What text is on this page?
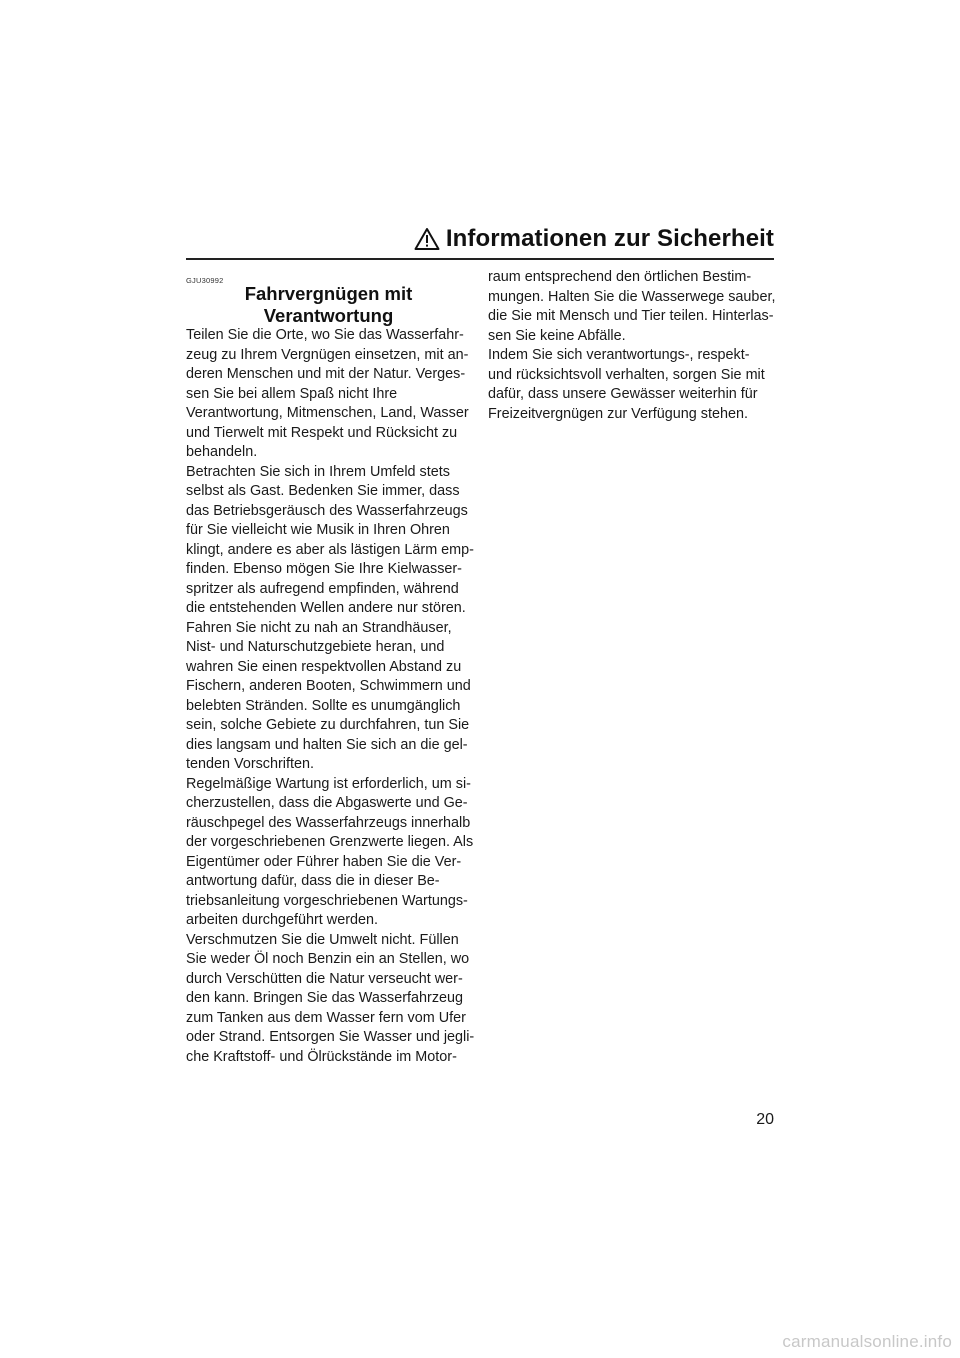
Informationen zur Sicherheit
GJU30992
Fahrvergnügen mit
Verantwortung
Teilen Sie die Orte, wo Sie das Wasserfahr-
zeug zu Ihrem Vergnügen einsetzen, mit an-
deren Menschen und mit der Natur. Verges-
sen Sie bei allem Spaß nicht Ihre
Verantwortung, Mitmenschen, Land, Wasser
und Tierwelt mit Respekt und Rücksicht zu
behandeln.
Betrachten Sie sich in Ihrem Umfeld stets
selbst als Gast. Bedenken Sie immer, dass
das Betriebsgeräusch des Wasserfahrzeugs
für Sie vielleicht wie Musik in Ihren Ohren
klingt, andere es aber als lästigen Lärm emp-
finden. Ebenso mögen Sie Ihre Kielwasser-
spritzer als aufregend empfinden, während
die entstehenden Wellen andere nur stören.
Fahren Sie nicht zu nah an Strandhäuser,
Nist- und Naturschutzgebiete heran, und
wahren Sie einen respektvollen Abstand zu
Fischern, anderen Booten, Schwimmern und
belebten Stränden. Sollte es unumgänglich
sein, solche Gebiete zu durchfahren, tun Sie
dies langsam und halten Sie sich an die gel-
tenden Vorschriften.
Regelmäßige Wartung ist erforderlich, um si-
cherzustellen, dass die Abgaswerte und Ge-
räuschpegel des Wasserfahrzeugs innerhalb
der vorgeschriebenen Grenzwerte liegen. Als
Eigentümer oder Führer haben Sie die Ver-
antwortung dafür, dass die in dieser Be-
triebsanleitung vorgeschriebenen Wartungs-
arbeiten durchgeführt werden.
Verschmutzen Sie die Umwelt nicht. Füllen
Sie weder Öl noch Benzin ein an Stellen, wo
durch Verschütten die Natur verseucht wer-
den kann. Bringen Sie das Wasserfahrzeug
zum Tanken aus dem Wasser fern vom Ufer
oder Strand. Entsorgen Sie Wasser und jegli-
che Kraftstoff- und Ölrückstände im Motor-
raum entsprechend den örtlichen Bestim-
mungen. Halten Sie die Wasserwege sauber,
die Sie mit Mensch und Tier teilen. Hinterlas-
sen Sie keine Abfälle.
Indem Sie sich verantwortungs-, respekt-
und rücksichtsvoll verhalten, sorgen Sie mit
dafür, dass unsere Gewässer weiterhin für
Freizeitvergnügen zur Verfügung stehen.
20
carmanualsonline.info
